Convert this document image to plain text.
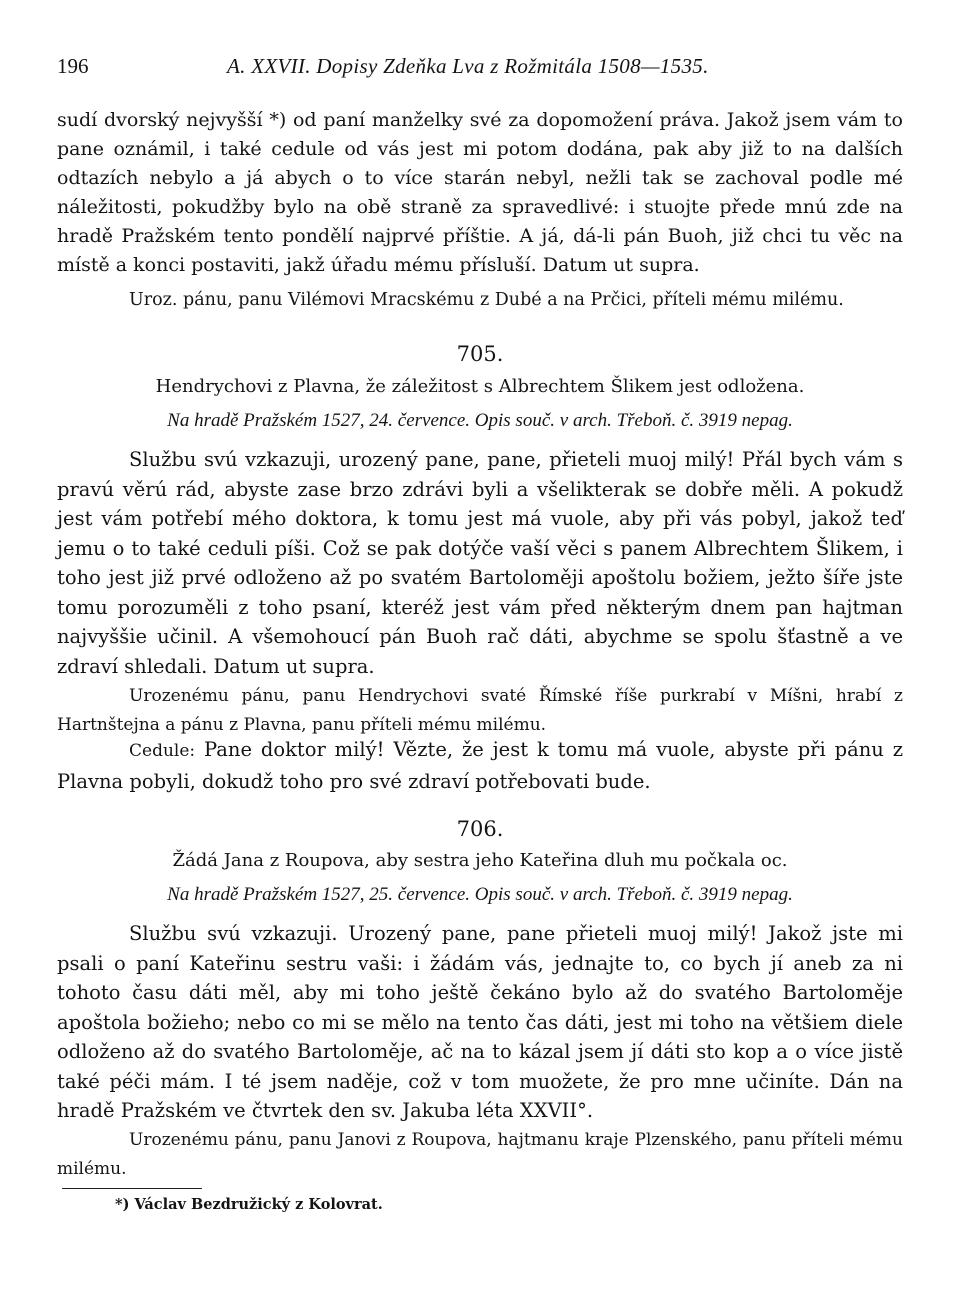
196	A. XXVII. Dopisy Zdeňka Lva z Rožmitála 1508—1535.
sudí dvorský nejvyšší *) od paní manželky své za dopomožení práva. Jakož jsem vám to pane oznámil, i také cedule od vás jest mi potom dodána, pak aby již to na dalších odtazích nebylo a já abych o to více starán nebyl, nežli tak se zachoval podle mé náležitosti, pokudžby bylo na obě straně za spravedlivé: i stuojte přede mnú zde na hradě Pražském tento pondělí najprvé příštie. A já, dá-li pán Buoh, již chci tu věc na místě a konci postaviti, jakž úřadu mému přísluší. Datum ut supra.
Uroz. pánu, panu Vilémovi Mracskému z Dubé a na Prčici, příteli mému milému.
705.
Hendrychovi z Plavna, že záležitost s Albrechtem Šlikem jest odložena.
Na hradě Pražském 1527, 24. července. Opis souč. v arch. Třeboň. č. 3919 nepag.
Službu svú vzkazuji, urozený pane, pane, přieteli muoj milý! Přál bych vám s pravú věrú rád, abyste zase brzo zdrávi byli a všelikterak se dobře měli. A pokudž jest vám potřebí mého doktora, k tomu jest má vuole, aby při vás pobyl, jakož teď jemu o to také ceduli píši. Což se pak dotýče vaší věci s panem Albrechtem Šlikem, i toho jest již prvé odloženo až po svatém Bartoloměji apoštolu božiem, ježto šíře jste tomu porozuměli z toho psaní, kteréž jest vám před některým dnem pan hajtman najvyššie učinil. A všemohoucí pán Buoh rač dáti, abychme se spolu šťastně a ve zdraví shledali. Datum ut supra.
Urozenému pánu, panu Hendrychovi svaté Římské říše purkrabí v Míšni, hrabí z Hartnštejna a pánu z Plavna, panu příteli mému milému.
Cedule: Pane doktor milý! Vězte, že jest k tomu má vuole, abyste při pánu z Plavna pobyli, dokudž toho pro své zdraví potřebovati bude.
706.
Žádá Jana z Roupova, aby sestra jeho Kateřina dluh mu počkala oc.
Na hradě Pražském 1527, 25. července. Opis souč. v arch. Třeboň. č. 3919 nepag.
Službu svú vzkazuji. Urozený pane, pane přieteli muoj milý! Jakož jste mi psali o paní Kateřinu sestru vaši: i žádám vás, jednajte to, co bych jí aneb za ni tohoto času dáti měl, aby mi toho ještě čekáno bylo až do svatého Bartoloměje apoštola božieho; nebo co mi se mělo na tento čas dáti, jest mi toho na většiem diele odloženo až do svatého Bartoloměje, ač na to kázal jsem jí dáti sto kop a o více jistě také péči mám. I té jsem naděje, což v tom muožete, že pro mne učiníte. Dán na hradě Pražském ve čtvrtek den sv. Jakuba léta XXVII°.
Urozenému pánu, panu Janovi z Roupova, hajtmanu kraje Plzenského, panu příteli mému milému.
*) Václav Bezdružický z Kolovrat.
